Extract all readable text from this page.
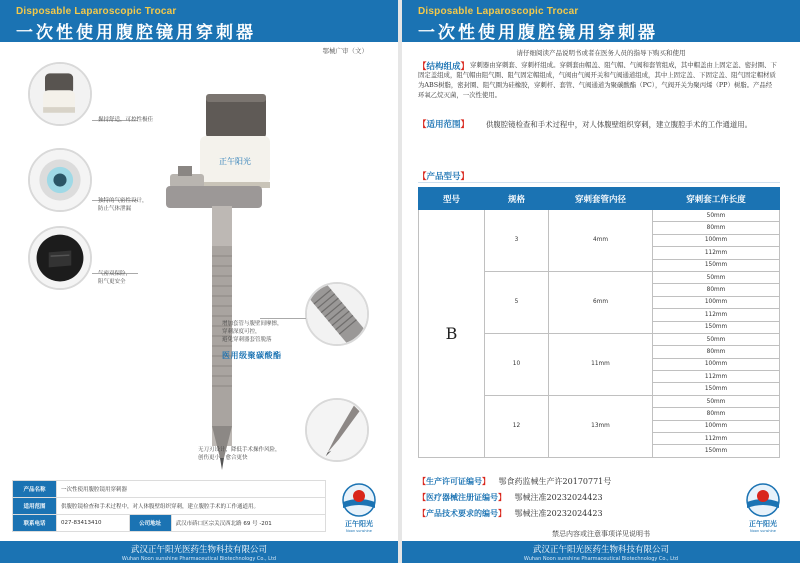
Disposable Laparoscopic Trocar
一次性使用腹腔镜用穿刺器
鄂械广审（文）
正午阳光
握持舒适，可控性极佳
独特的气密性设计，
防止气体泄漏
气密双保险，
阻气更安全
增加套管与腹壁间摩擦，
穿刺深度可控，
避免穿刺器套管脱落
医用级聚碳酸酯
无刀刃设计，降低手术操作风险，
创伤更小，愈合更快
产品名称	一次性使用腹腔镜用穿刺器		
适用范围	供腹腔镜检查和手术过程中，对人体腹壁组织穿刺，建立腹腔手术的工作通道用。		
联系电话	027-83413410	公司地址	武汉市硚口区宗关汉西北路 69 号 -201	正午阳光
Noon sunshine
武汉正午阳光医药生物科技有限公司
Wuhan Noon sunshine Pharmaceutical Biotechnology Co., Ltd
Disposable Laparoscopic Trocar
一次性使用腹腔镜用穿刺器
请仔细阅读产品说明书或者在医务人员的指导下购买和使用
【结构组成】 穿刺器由穿刺套、穿刺杆组成。穿刺套由帽盖、阻气帽、气阀和套管组成，其中帽盖由上固定盖、密封圈、下固定盖组成，阻气帽由阻气圈、阻气固定帽组成，气阀由气阀开关和气阀通道组成，其中上固定盖、下固定盖、阻气固定帽材质为ABS树脂，密封圈、阻气圈为硅橡胶，穿刺杆、套管、气阀通道为聚碳酸酯（PC），气阀开关为聚丙烯（PP）树脂。产品经环氧乙烷灭菌，一次性使用。
【适用范围】	供腹腔镜检查和手术过程中，对人体腹壁组织穿刺，建立腹腔手术的工作通道用。
【产品型号】
型号	规格	穿刺套管内径	穿刺套工作长度
B	3	4mm	50mm
			80mm
			100mm
			112mm
			150mm
	5	6mm	50mm
			80mm
			100mm
			112mm
			150mm
	10	11mm	50mm
			80mm
			100mm
			112mm
			150mm
	12	13mm	50mm
			80mm
			100mm
			112mm
			150mm
【生产许可证编号】 鄂食药监械生产许20170771号
【医疗器械注册证编号】 鄂械注准20232024423
【产品技术要求的编号】 鄂械注准20232024423
正午阳光
Noon sunshine
禁忌内容或注意事项详见说明书
武汉正午阳光医药生物科技有限公司
Wuhan Noon sunshine Pharmaceutical Biotechnology Co., Ltd
